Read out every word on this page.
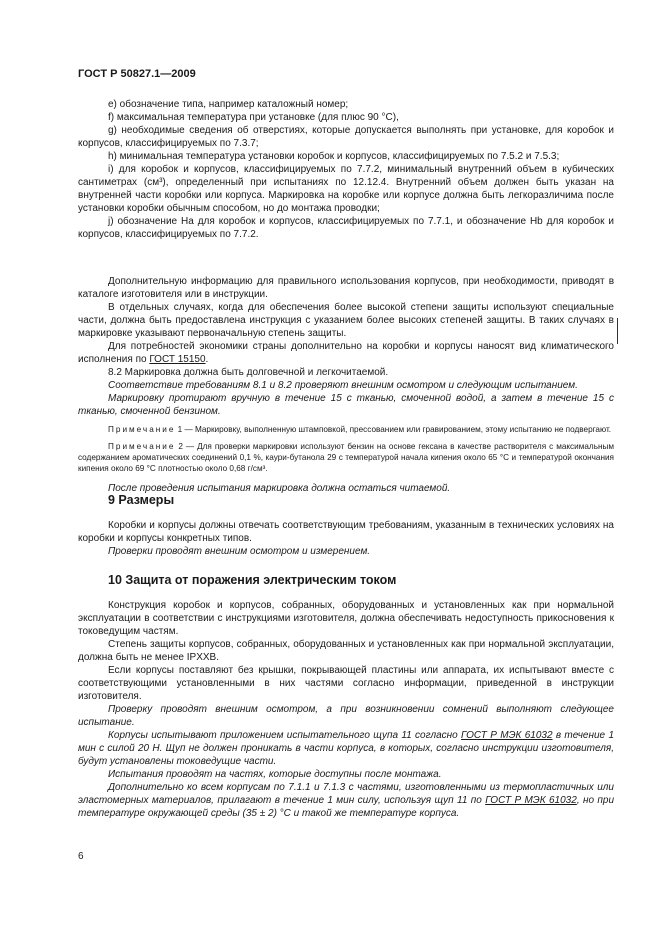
ГОСТ Р 50827.1—2009

e) обозначение типа, например каталожный номер;

f) максимальная температура при установке (для плюс 90 °C),

g) необходимые сведения об отверстиях, которые допускается выполнять при установке, для коробок и корпусов, классифицируемых по 7.3.7;

h) минимальная температура установки коробок и корпусов, классифицируемых по 7.5.2 и 7.5.3;

i) для коробок и корпусов, классифицируемых по 7.7.2, минимальный внутренний объем в кубических сантиметрах (см³), определенный при испытаниях по 12.12.4. Внутренний объем должен быть указан на внутренней части коробки или корпуса. Маркировка на коробке или корпусе должна быть легкоразличима после установки коробки обычным способом, но до монтажа проводки;

j) обозначение Ha для коробок и корпусов, классифицируемых по 7.7.1, и обозначение Hb для коробок и корпусов, классифицируемых по 7.7.2.

Дополнительную информацию для правильного использования корпусов, при необходимости, приводят в каталоге изготовителя или в инструкции.

В отдельных случаях, когда для обеспечения более высокой степени защиты используют специальные части, должна быть предоставлена инструкция с указанием более высоких степеней защиты. В таких случаях в маркировке указывают первоначальную степень защиты.

Для потребностей экономики страны дополнительно на коробки и корпусы наносят вид климатического исполнения по ГОСТ 15150.

8.2 Маркировка должна быть долговечной и легкочитаемой.

Соответствие требованиям 8.1 и 8.2 проверяют внешним осмотром и следующим испытанием.

Маркировку протирают вручную в течение 15 с тканью, смоченной водой, а затем в течение 15 с тканью, смоченной бензином.

Примечание 1 — Маркировку, выполненную штамповкой, прессованием или гравированием, этому испытанию не подвергают.

Примечание 2 — Для проверки маркировки используют бензин на основе гексана в качестве растворителя с максимальным содержанием ароматических соединений 0,1 %, каури-бутанола 29 с температурой начала кипения около 65 °C и температурой окончания кипения около 69 °C плотностью около 0,68 г/см³.

После проведения испытания маркировка должна остаться читаемой.

9 Размеры

Коробки и корпусы должны отвечать соответствующим требованиям, указанным в технических условиях на коробки и корпусы конкретных типов.

Проверки проводят внешним осмотром и измерением.

10 Защита от поражения электрическим током

Конструкция коробок и корпусов, собранных, оборудованных и установленных как при нормальной эксплуатации в соответствии с инструкциями изготовителя, должна обеспечивать недоступность прикосновения к токоведущим частям.

Степень защиты корпусов, собранных, оборудованных и установленных как при нормальной эксплуатации, должна быть не менее IPXXB.

Если корпусы поставляют без крышки, покрывающей пластины или аппарата, их испытывают вместе с соответствующими установленными в них частями согласно информации, приведенной в инструкции изготовителя.

Проверку проводят внешним осмотром, а при возникновении сомнений выполняют следующее испытание.

Корпусы испытывают приложением испытательного щупа 11 согласно ГОСТ Р МЭК 61032 в течение 1 мин с силой 20 Н. Щуп не должен проникать в части корпуса, в которых, согласно инструкции изготовителя, будут установлены токоведущие части.

Испытания проводят на частях, которые доступны после монтажа.

Дополнительно ко всем корпусам по 7.1.1 и 7.1.3 с частями, изготовленными из термопластичных или эластомерных материалов, прилагают в течение 1 мин силу, используя щуп 11 по ГОСТ Р МЭК 61032, но при температуре окружающей среды (35 ± 2) °С и такой же температуре корпуса.

6
